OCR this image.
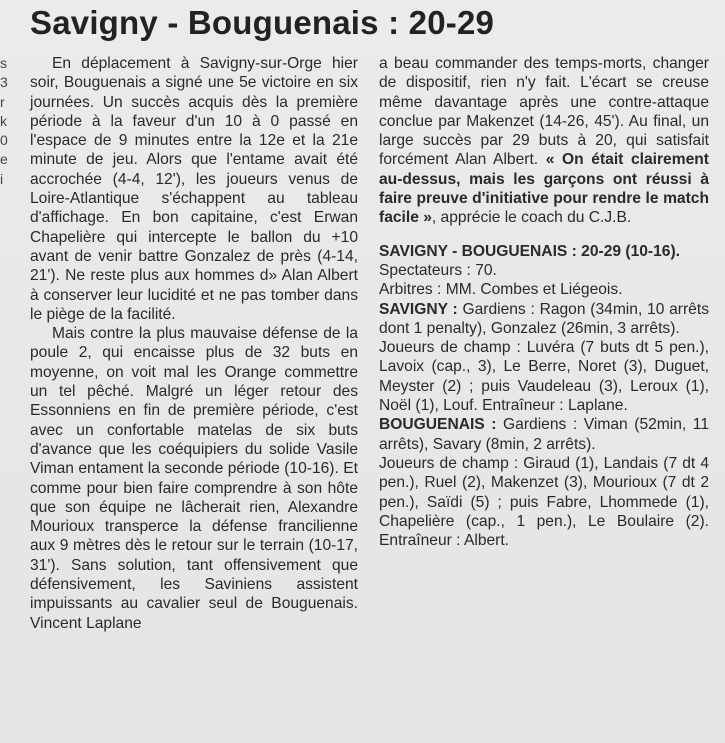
s
3
r
k
0
e
i
Savigny - Bouguenais : 20-29

En déplacement à Savigny-sur-Orge hier soir, Bouguenais a signé une 5e victoire en six journées. Un succès acquis dès la première période à la faveur d'un 10 à 0 passé en l'espace de 9 minutes entre la 12e et la 21e minute de jeu. Alors que l'entame avait été accrochée (4-4, 12'), les joueurs venus de Loire-Atlantique s'échappent au tableau d'affichage. En bon capitaine, c'est Erwan Chapelière qui intercepte le ballon du +10 avant de venir battre Gonzalez de près (4-14, 21'). Ne reste plus aux hommes d» Alan Albert à conserver leur lucidité et ne pas tomber dans le piège de la facilité.

Mais contre la plus mauvaise défense de la poule 2, qui encaisse plus de 32 buts en moyenne, on voit mal les Orange commettre un tel pêché. Malgré un léger retour des Essonniens en fin de première période, c'est avec un confortable matelas de six buts d'avance que les coéquipiers du solide Vasile Viman entament la seconde période (10-16). Et comme pour bien faire comprendre à son hôte que son équipe ne lâcherait rien, Alexandre Mourioux transperce la défense francilienne aux 9 mètres dès le retour sur le terrain (10-17, 31'). Sans solution, tant offensivement que défensivement, les Saviniens assistent impuissants au cavalier seul de Bouguenais. Vincent Laplane

a beau commander des temps-morts, changer de dispositif, rien n'y fait. L'écart se creuse même davantage après une contre-attaque conclue par Makenzet (14-26, 45'). Au final, un large succès par 29 buts à 20, qui satisfait forcément Alan Albert. « On était clairement au-dessus, mais les garçons ont réussi à faire preuve d'initiative pour rendre le match facile », apprécie le coach du C.J.B.

SAVIGNY - BOUGUENAIS : 20-29 (10-16).

Spectateurs : 70.

Arbitres : MM. Combes et Liégeois.

SAVIGNY : Gardiens : Ragon (34min, 10 arrêts dont 1 penalty), Gonzalez (26min, 3 arrêts).

Joueurs de champ : Luvéra (7 buts dt 5 pen.), Lavoix (cap., 3), Le Berre, Noret (3), Duguet, Meyster (2) ; puis Vaudeleau (3), Leroux (1), Noël (1), Louf. Entraîneur : Laplane.

BOUGUENAIS : Gardiens : Viman (52min, 11 arrêts), Savary (8min, 2 arrêts).

Joueurs de champ : Giraud (1), Landais (7 dt 4 pen.), Ruel (2), Makenzet (3), Mourioux (7 dt 2 pen.), Saïdi (5) ; puis Fabre, Lhommede (1), Chapelière (cap., 1 pen.), Le Boulaire (2). Entraîneur : Albert.
